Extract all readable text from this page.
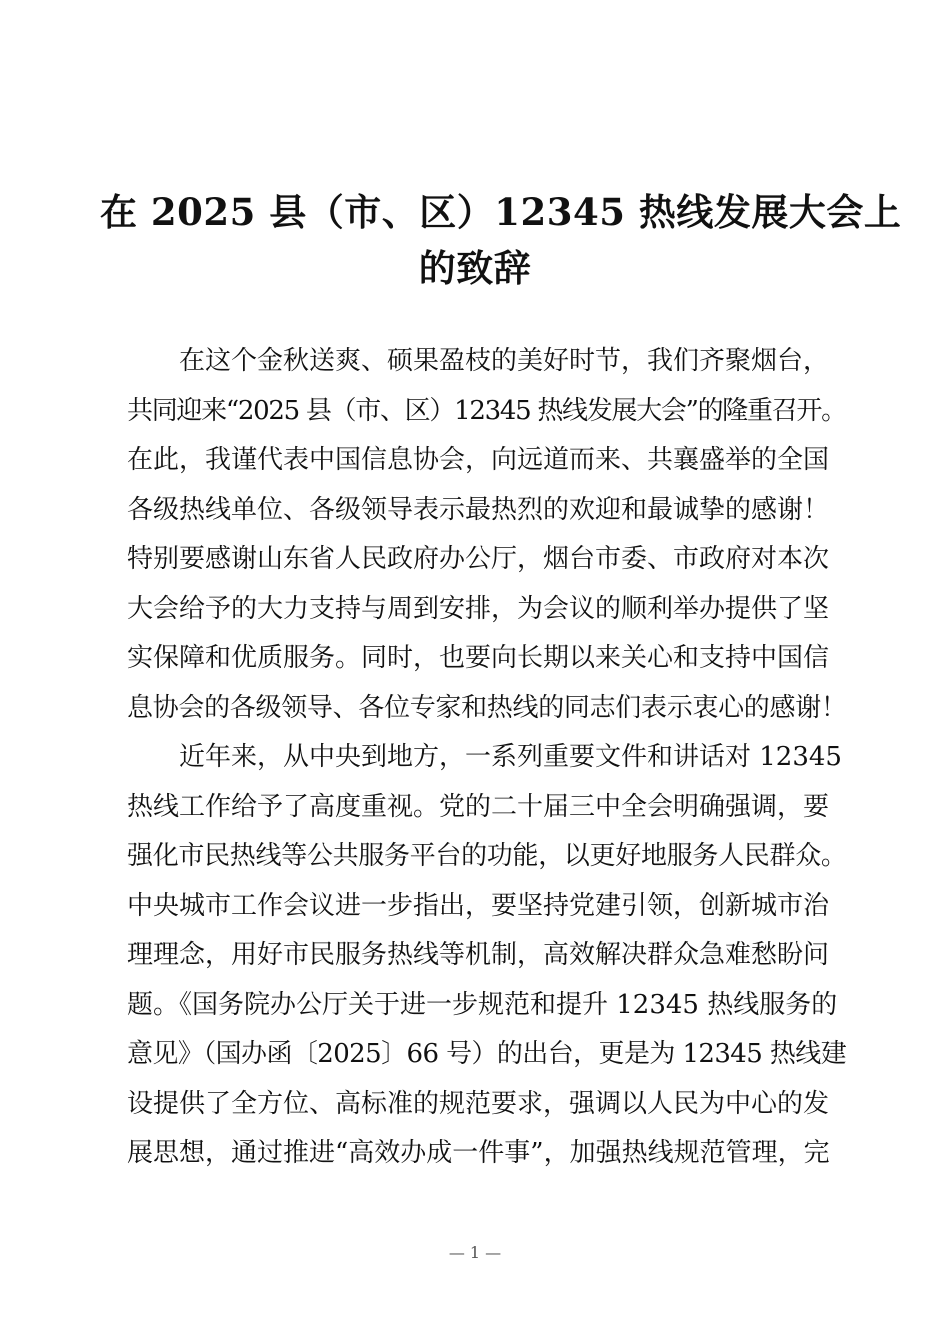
在 2025 县（市、区）12345 热线发展大会上
的致辞
在这个金秋送爽、硕果盈枝的美好时节，我们齐聚烟台，
共同迎来“2025 县（市、区）12345 热线发展大会”的隆重召开。
在此，我谨代表中国信息协会，向远道而来、共襄盛举的全国
各级热线单位、各级领导表示最热烈的欢迎和最诚挚的感谢！
特别要感谢山东省人民政府办公厅，烟台市委、市政府对本次
大会给予的大力支持与周到安排，为会议的顺利举办提供了坚
实保障和优质服务。同时，也要向长期以来关心和支持中国信
息协会的各级领导、各位专家和热线的同志们表示衷心的感谢！
近年来，从中央到地方，一系列重要文件和讲话对 12345
热线工作给予了高度重视。党的二十届三中全会明确强调，要
强化市民热线等公共服务平台的功能，以更好地服务人民群众。
中央城市工作会议进一步指出，要坚持党建引领，创新城市治
理理念，用好市民服务热线等机制，高效解决群众急难愁盼问
题。《国务院办公厅关于进一步规范和提升 12345 热线服务的
意见》（国办函〔2025〕66 号）的出台，更是为 12345 热线建
设提供了全方位、高标准的规范要求，强调以人民为中心的发
展思想，通过推进“高效办成一件事”，加强热线规范管理，完
— 1 —
